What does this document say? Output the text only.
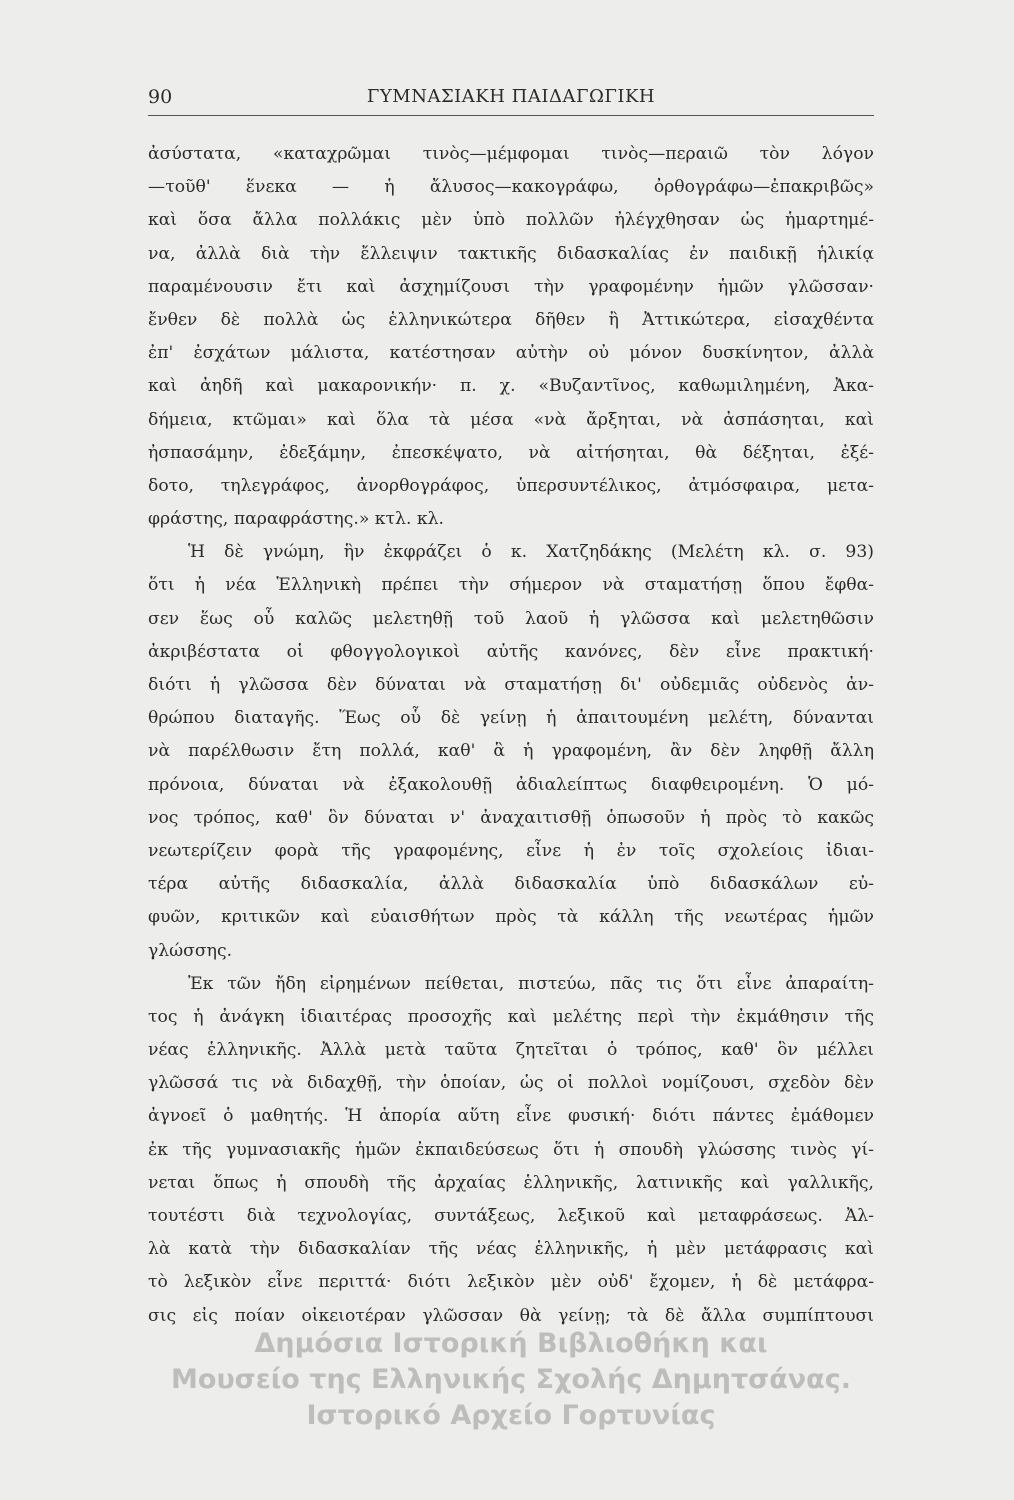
90	ΓΥΜΝΑΣΙΑΚΗ ΠΑΙΔΑΓΩΓΙΚΗ
ἀσύστατα, «καταχρῶμαι τινὸς—μέμφομαι τινὸς—περαιῶ τὸν λόγον
—τοῦθ' ἕνεκα — ἡ ἄλυσος—κακογράφω, ὀρθογράφω—ἐπακριβῶς»
καὶ ὅσα ἄλλα πολλάκις μὲν ὑπὸ πολλῶν ἠλέγχθησαν ὡς ἡμαρτημέ-
να, ἀλλὰ διὰ τὴν ἔλλειψιν τακτικῆς διδασκαλίας ἐν παιδικῇ ἡλικίᾳ
παραμένουσιν ἔτι καὶ ἀσχημίζουσι τὴν γραφομένην ἡμῶν γλῶσσαν·
ἔνθεν δὲ πολλὰ ὡς ἑλληνικώτερα δῆθεν ἢ Ἀττικώτερα, εἰσαχθέντα
ἐπ' ἐσχάτων μάλιστα, κατέστησαν αὐτὴν οὐ μόνον δυσκίνητον, ἀλλὰ
καὶ ἀηδῆ καὶ μακαρονικήν· π. χ. «Βυζαντῖνος, καθωμιλημένη, Ἀκα-
δήμεια, κτῶμαι» καὶ ὅλα τὰ μέσα «νὰ ἄρξηται, νὰ ἀσπάσηται, καὶ
ἠσπασάμην, ἐδεξάμην, ἐπεσκέψατο, νὰ αἰτήσηται, θὰ δέξηται, ἐξέ-
δοτο, τηλεγράφος, ἀνορθογράφος, ὑπερσυντέλικος, ἀτμόσφαιρα, μετα-
φράστης, παραφράστης.» κτλ. κλ.
Ἡ δὲ γνώμη, ἣν ἐκφράζει ὁ κ. Χατζηδάκης (Μελέτη κλ. σ. 93)
ὅτι ἡ νέα Ἑλληνικὴ πρέπει τὴν σήμερον νὰ σταματήσῃ ὅπου ἔφθα-
σεν ἕως οὗ καλῶς μελετηθῇ τοῦ λαοῦ ἡ γλῶσσα καὶ μελετηθῶσιν
ἀκριβέστατα οἱ φθογγολογικοὶ αὐτῆς κανόνες, δὲν εἶνε πρακτική·
διότι ἡ γλῶσσα δὲν δύναται νὰ σταματήσῃ δι' οὐδεμιᾶς οὐδενὸς ἀν-
θρώπου διαταγῆς. Ἕως οὗ δὲ γείνῃ ἡ ἀπαιτουμένη μελέτη, δύνανται
νὰ παρέλθωσιν ἔτη πολλά, καθ' ἃ ἡ γραφομένη, ἂν δὲν ληφθῇ ἄλλη
πρόνοια, δύναται νὰ ἐξακολουθῇ ἀδιαλείπτως διαφθειρομένη. Ὁ μό-
νος τρόπος, καθ' ὃν δύναται ν' ἀναχαιτισθῇ ὁπωσοῦν ἡ πρὸς τὸ κακῶς
νεωτερίζειν φορὰ τῆς γραφομένης, εἶνε ἡ ἐν τοῖς σχολείοις ἰδιαι-
τέρα αὐτῆς διδασκαλία, ἀλλὰ διδασκαλία ὑπὸ διδασκάλων εὐ-
φυῶν, κριτικῶν καὶ εὐαισθήτων πρὸς τὰ κάλλη τῆς νεωτέρας ἡμῶν
γλώσσης.
Ἐκ τῶν ἤδη εἰρημένων πείθεται, πιστεύω, πᾶς τις ὅτι εἶνε ἀπαραίτη-
τος ἡ ἀνάγκη ἰδιαιτέρας προσοχῆς καὶ μελέτης περὶ τὴν ἐκμάθησιν τῆς
νέας ἑλληνικῆς. Ἀλλὰ μετὰ ταῦτα ζητεῖται ὁ τρόπος, καθ' ὃν μέλλει
γλῶσσά τις νὰ διδαχθῇ, τὴν ὁποίαν, ὡς οἱ πολλοὶ νομίζουσι, σχεδὸν δὲν
ἀγνοεῖ ὁ μαθητής. Ἡ ἀπορία αὕτη εἶνε φυσική· διότι πάντες ἐμάθομεν
ἐκ τῆς γυμνασιακῆς ἡμῶν ἐκπαιδεύσεως ὅτι ἡ σπουδὴ γλώσσης τινὸς γί-
νεται ὅπως ἡ σπουδὴ τῆς ἀρχαίας ἑλληνικῆς, λατινικῆς καὶ γαλλικῆς,
τουτέστι διὰ τεχνολογίας, συντάξεως, λεξικοῦ καὶ μεταφράσεως. Ἀλ-
λὰ κατὰ τὴν διδασκαλίαν τῆς νέας ἑλληνικῆς, ἡ μὲν μετάφρασις καὶ
τὸ λεξικὸν εἶνε περιττά· διότι λεξικὸν μὲν οὐδ' ἔχομεν, ἡ δὲ μετάφρα-
σις εἰς ποίαν οἰκειοτέραν γλῶσσαν θὰ γείνῃ; τὰ δὲ ἄλλα συμπίπτουσι
Δημόσια Ιστορική Βιβλιοθήκη και
Μουσείο της Ελληνικής Σχολής Δημητσάνας.
Ιστορικό Αρχείο Γορτυνίας
